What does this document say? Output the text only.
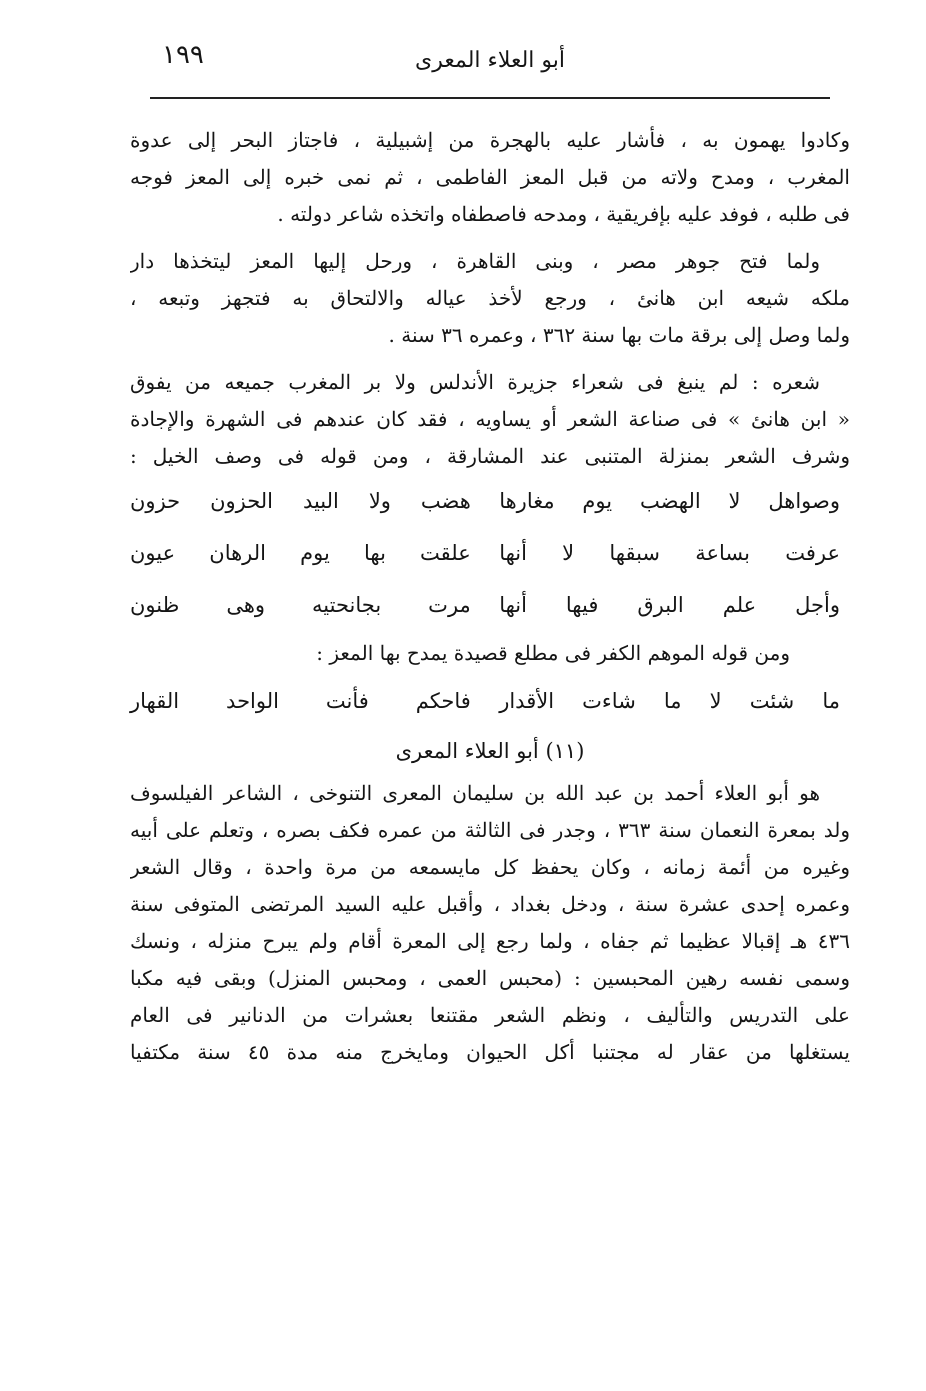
١٩٩	أبو العلاء المعرى
وكادوا يهمون به ، فأشار عليه بالهجرة من إشبيلية ، فاجتاز البحر إلى عدوة
المغرب ، ومدح ولاته من قبل المعز الفاطمى ، ثم نمى خبره إلى المعز فوجه
فى طلبه ، فوفد عليه بإفريقية ، ومدحه فاصطفاه واتخذه شاعر دولته .
ولما فتح جوهر مصر ، وبنى القاهرة ، ورحل إليها المعز ليتخذها دار
ملكه شيعه ابن هانئ ، ورجع لأخذ عياله والالتحاق به فتجهز وتبعه ،
ولما وصل إلى برقة مات بها سنة ٣٦٢ ، وعمره ٣٦ سنة .
شعره : لم ينبغ فى شعراء جزيرة الأندلس ولا بر المغرب جميعه من يفوق
« ابن هانئ » فى صناعة الشعر أو يساويه ، فقد كان عندهم فى الشهرة والإجادة
وشرف الشعر بمنزلة المتنبى عند المشارقة ، ومن قوله فى وصف الخيل :
وصواهل لا الهضب يوم مغارها
هضب ولا البيد الحزون حزون
عرفت بساعة سبقها لا أنها
علقت بها يوم الرهان عيون
وأجل علم البرق فيها أنها
مرت بجانحتيه وهى ظنون
ومن قوله الموهم الكفر فى مطلع قصيدة يمدح بها المعز :
ما شئت لا ما شاءت الأقدار
فاحكم فأنت الواحد القهار
(١١) أبو العلاء المعرى
هو أبو العلاء أحمد بن عبد الله بن سليمان المعرى التنوخى ، الشاعر الفيلسوف
ولد بمعرة النعمان سنة ٣٦٣ ، وجدر فى الثالثة من عمره فكف بصره ، وتعلم على أبيه
وغيره من أئمة زمانه ، وكان يحفظ كل مايسمعه من مرة واحدة ، وقال الشعر
وعمره إحدى عشرة سنة ، ودخل بغداد ، وأقبل عليه السيد المرتضى المتوفى سنة
٤٣٦ هـ إقبالا عظيما ثم جفاه ، ولما رجع إلى المعرة أقام ولم يبرح منزله ، ونسك
وسمى نفسه رهين المحبسين : (محبس العمى ، ومحبس المنزل) وبقى فيه مكبا
على التدريس والتأليف ، ونظم الشعر مقتنعا بعشرات من الدنانير فى العام
يستغلها من عقار له مجتنبا أكل الحيوان ومايخرج منه مدة ٤٥ سنة مكتفيا
